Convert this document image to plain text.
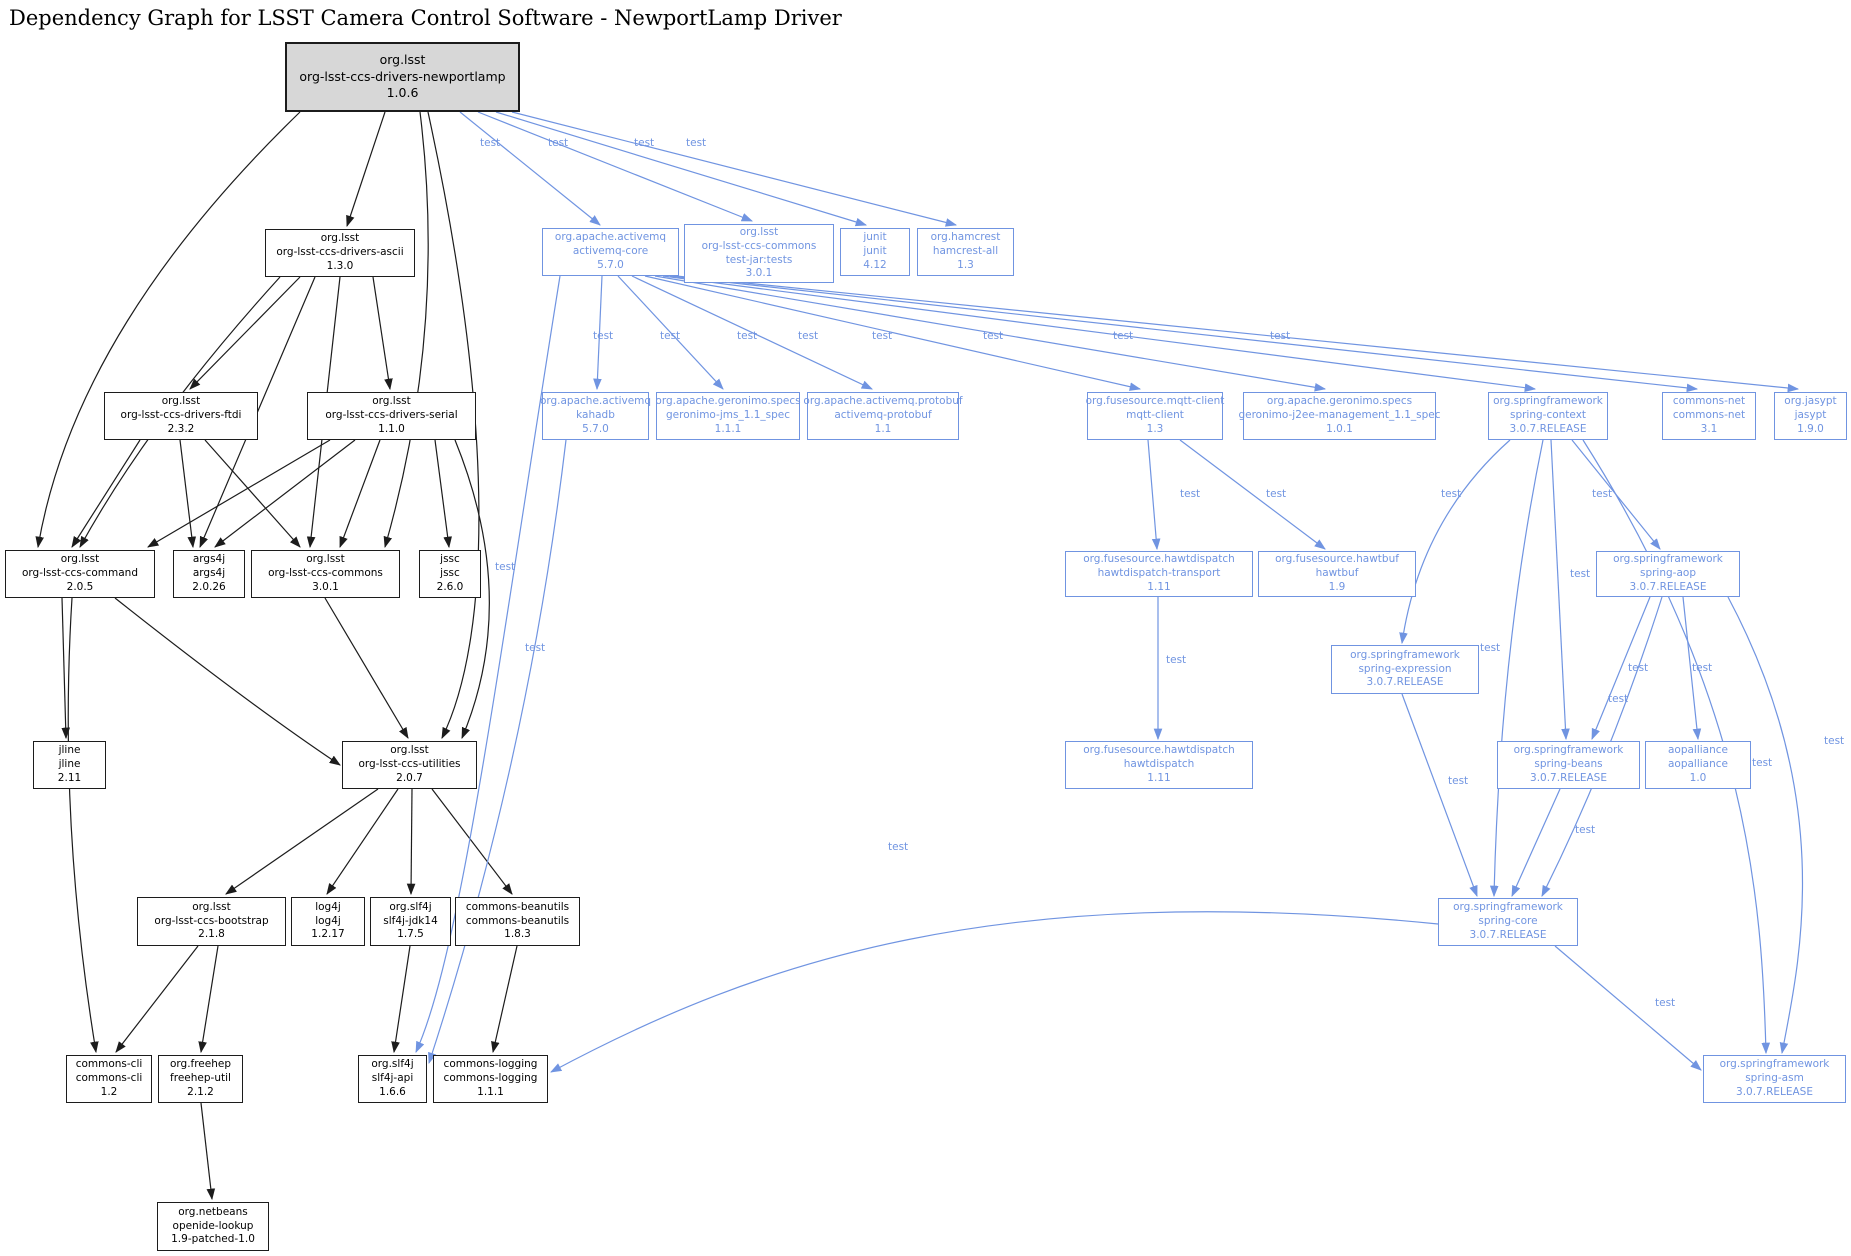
Dependency Graph for LSST Camera Control Software - NewportLamp Driver
test	test	test	test
test	test	test	test	test	test	test	test
test
test
test	test
test
test	test
test
test
test
test	test
test
test
test
test
test
test
org.lsst
org-lsst-ccs-drivers-newportlamp
1.0.6
org.lsst
org-lsst-ccs-drivers-ascii
1.3.0
org.apache.activemq
activemq-core
5.7.0
org.lsst
org-lsst-ccs-commons
test-jar:tests
3.0.1
junit
junit
4.12
org.hamcrest
hamcrest-all
1.3
org.lsst
org-lsst-ccs-drivers-ftdi
2.3.2
org.lsst
org-lsst-ccs-drivers-serial
1.1.0
org.apache.activemq
kahadb
5.7.0
org.apache.geronimo.specs
geronimo-jms_1.1_spec
1.1.1
org.apache.activemq.protobuf
activemq-protobuf
1.1
org.fusesource.mqtt-client
mqtt-client
1.3
org.apache.geronimo.specs
geronimo-j2ee-management_1.1_spec
1.0.1
org.springframework
spring-context
3.0.7.RELEASE
commons-net
commons-net
3.1
org.jasypt
jasypt
1.9.0
org.lsst
org-lsst-ccs-command
2.0.5
args4j
args4j
2.0.26
org.lsst
org-lsst-ccs-commons
3.0.1
jssc
jssc
2.6.0
org.fusesource.hawtdispatch
hawtdispatch-transport
1.11
org.fusesource.hawtbuf
hawtbuf
1.9
org.springframework
spring-aop
3.0.7.RELEASE
org.springframework
spring-expression
3.0.7.RELEASE
jline
jline
2.11
org.lsst
org-lsst-ccs-utilities
2.0.7
org.fusesource.hawtdispatch
hawtdispatch
1.11
org.springframework
spring-beans
3.0.7.RELEASE
aopalliance
aopalliance
1.0
org.lsst
org-lsst-ccs-bootstrap
2.1.8
log4j
log4j
1.2.17
org.slf4j
slf4j-jdk14
1.7.5
commons-beanutils
commons-beanutils
1.8.3
org.springframework
spring-core
3.0.7.RELEASE
commons-cli
commons-cli
1.2
org.freehep
freehep-util
2.1.2
org.slf4j
slf4j-api
1.6.6
commons-logging
commons-logging
1.1.1
org.springframework
spring-asm
3.0.7.RELEASE
org.netbeans
openide-lookup
1.9-patched-1.0
